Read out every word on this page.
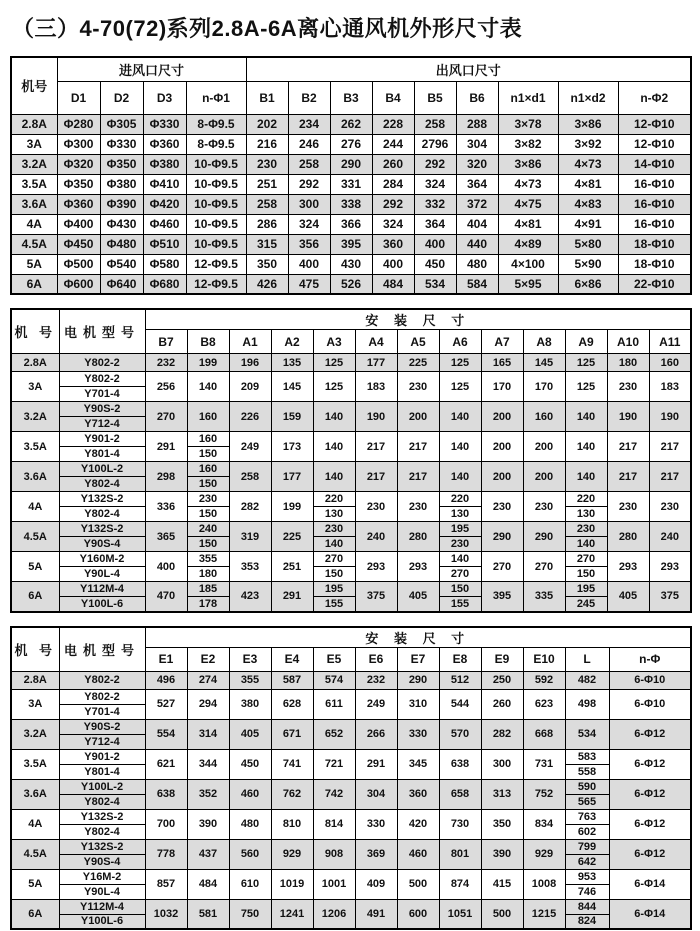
（三）4-70(72)系列2.8A-6A离心通风机外形尺寸表
机号	进风口尺寸				出风口尺寸								
	D1	D2	D3	n-Φ1	B1	B2	B3	B4	B5	B6	n1×d1	n1×d2	n-Φ2
2.8A	Φ280	Φ305	Φ330	8-Φ9.5	202	234	262	228	258	288	3×78	3×86	12-Φ10
3A	Φ300	Φ330	Φ360	8-Φ9.5	216	246	276	244	2796	304	3×82	3×92	12-Φ10
3.2A	Φ320	Φ350	Φ380	10-Φ9.5	230	258	290	260	292	320	3×86	4×73	14-Φ10
3.5A	Φ350	Φ380	Φ410	10-Φ9.5	251	292	331	284	324	364	4×73	4×81	16-Φ10
3.6A	Φ360	Φ390	Φ420	10-Φ9.5	258	300	338	292	332	372	4×75	4×83	16-Φ10
4A	Φ400	Φ430	Φ460	10-Φ9.5	286	324	366	324	364	404	4×81	4×91	16-Φ10
4.5A	Φ450	Φ480	Φ510	10-Φ9.5	315	356	395	360	400	440	4×89	5×80	18-Φ10
5A	Φ500	Φ540	Φ580	12-Φ9.5	350	400	430	400	450	480	4×100	5×90	18-Φ10
6A	Φ600	Φ640	Φ680	12-Φ9.5	426	475	526	484	534	584	5×95	6×86	22-Φ10
机 号	电机型号	安 装 尺 寸												
		B7	B8	A1	A2	A3	A4	A5	A6	A7	A8	A9	A10	A11
2.8A	Y802-2	232	199	196	135	125	177	225	125	165	145	125	180	160
3A	Y802-2	256	140	209	145	125	183	230	125	170	170	125	230	183
	Y701-4													
3.2A	Y90S-2	270	160	226	159	140	190	200	140	200	160	140	190	190
	Y712-4													
3.5A	Y901-2	291	160	249	173	140	217	217	140	200	200	140	217	217
	Y801-4		150											
3.6A	Y100L-2	298	160	258	177	140	217	217	140	200	200	140	217	217
	Y802-4		150											
4A	Y132S-2	336	230	282	199	220	230	230	220	230	230	220	230	230
	Y802-4		150			130			130			130		
4.5A	Y132S-2	365	240	319	225	230	240	280	195	290	290	230	280	240
	Y90S-4		150			140			230			140		
5A	Y160M-2	400	355	353	251	270	293	293	140	270	270	270	293	293
	Y90L-4		180			150			270			150		
6A	Y112M-4	470	185	423	291	195	375	405	150	395	335	195	405	375
	Y100L-6		178			155			155			245		
机 号	电机型号	安 装 尺 寸											
		E1	E2	E3	E4	E5	E6	E7	E8	E9	E10	L	n-Φ
2.8A	Y802-2	496	274	355	587	574	232	290	512	250	592	482	6-Φ10
3A	Y802-2	527	294	380	628	611	249	310	544	260	623	498	6-Φ10
	Y701-4												
3.2A	Y90S-2	554	314	405	671	652	266	330	570	282	668	534	6-Φ12
	Y712-4												
3.5A	Y901-2	621	344	450	741	721	291	345	638	300	731	583	6-Φ12
	Y801-4											558	
3.6A	Y100L-2	638	352	460	762	742	304	360	658	313	752	590	6-Φ12
	Y802-4											565	
4A	Y132S-2	700	390	480	810	814	330	420	730	350	834	763	6-Φ12
	Y802-4											602	
4.5A	Y132S-2	778	437	560	929	908	369	460	801	390	929	799	6-Φ12
	Y90S-4											642	
5A	Y16M-2	857	484	610	1019	1001	409	500	874	415	1008	953	6-Φ14
	Y90L-4											746	
6A	Y112M-4	1032	581	750	1241	1206	491	600	1051	500	1215	844	6-Φ14
	Y100L-6											824	
